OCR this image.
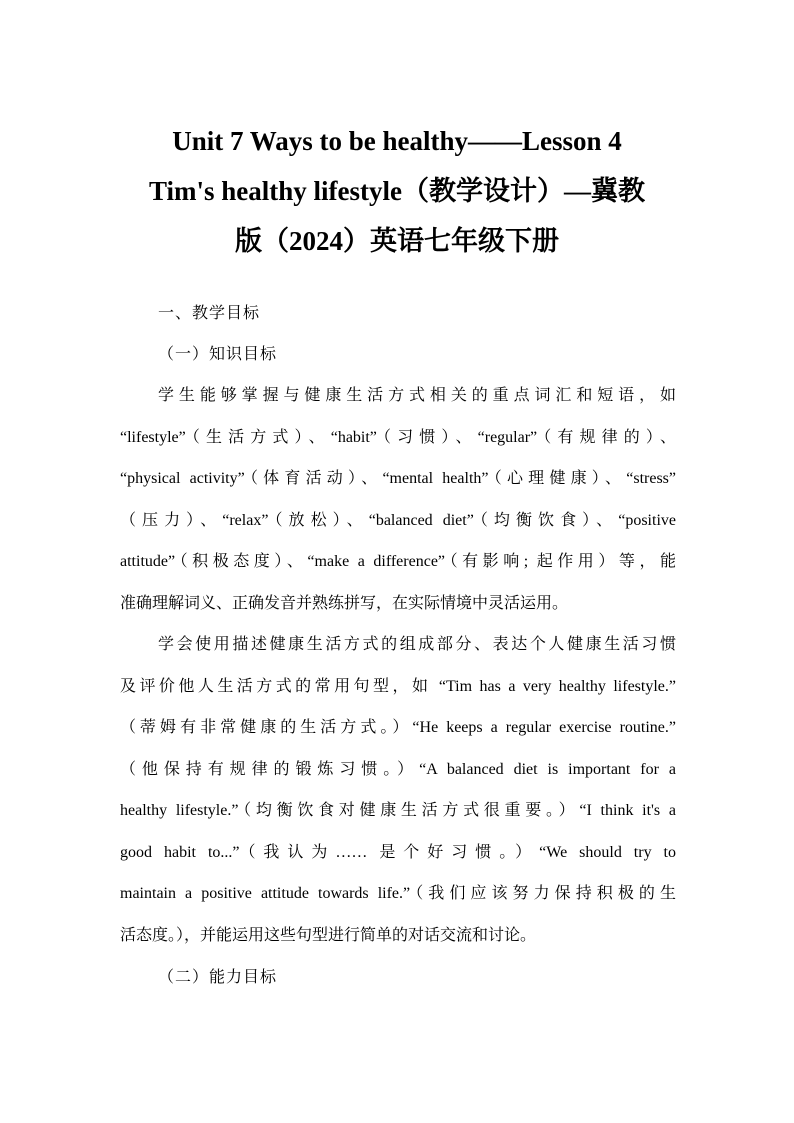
Unit 7 Ways to be healthy——Lesson 4
Tim's healthy lifestyle（教学设计）—冀教
版（2024）英语七年级下册
一、教学目标
（一）知识目标
学生能够掌握与健康生活方式相关的重点词汇和短语，如
“lifestyle”（生活方式）、“habit”（习惯）、“regular”（有规律的）、
“physical activity”（体育活动）、“mental health”（心理健康）、“stress”
（压力）、“relax”（放松）、“balanced diet”（均衡饮食）、“positive
attitude”（积极态度）、“make a difference”（有影响; 起作用）等，能
准确理解词义、正确发音并熟练拼写，在实际情境中灵活运用。
学会使用描述健康生活方式的组成部分、表达个人健康生活习惯
及评价他人生活方式的常用句型，如 “Tim has a very healthy lifestyle.”
（蒂姆有非常健康的生活方式。）“He keeps a regular exercise routine.”
（他保持有规律的锻炼习惯。）“A balanced diet is important for a
healthy lifestyle.”（均衡饮食对健康生活方式很重要。）“I think it's a
good habit to...”（我认为…… 是个好习惯。）“We should try to
maintain a positive attitude towards life.”（我们应该努力保持积极的生
活态度。），并能运用这些句型进行简单的对话交流和讨论。
（二）能力目标
